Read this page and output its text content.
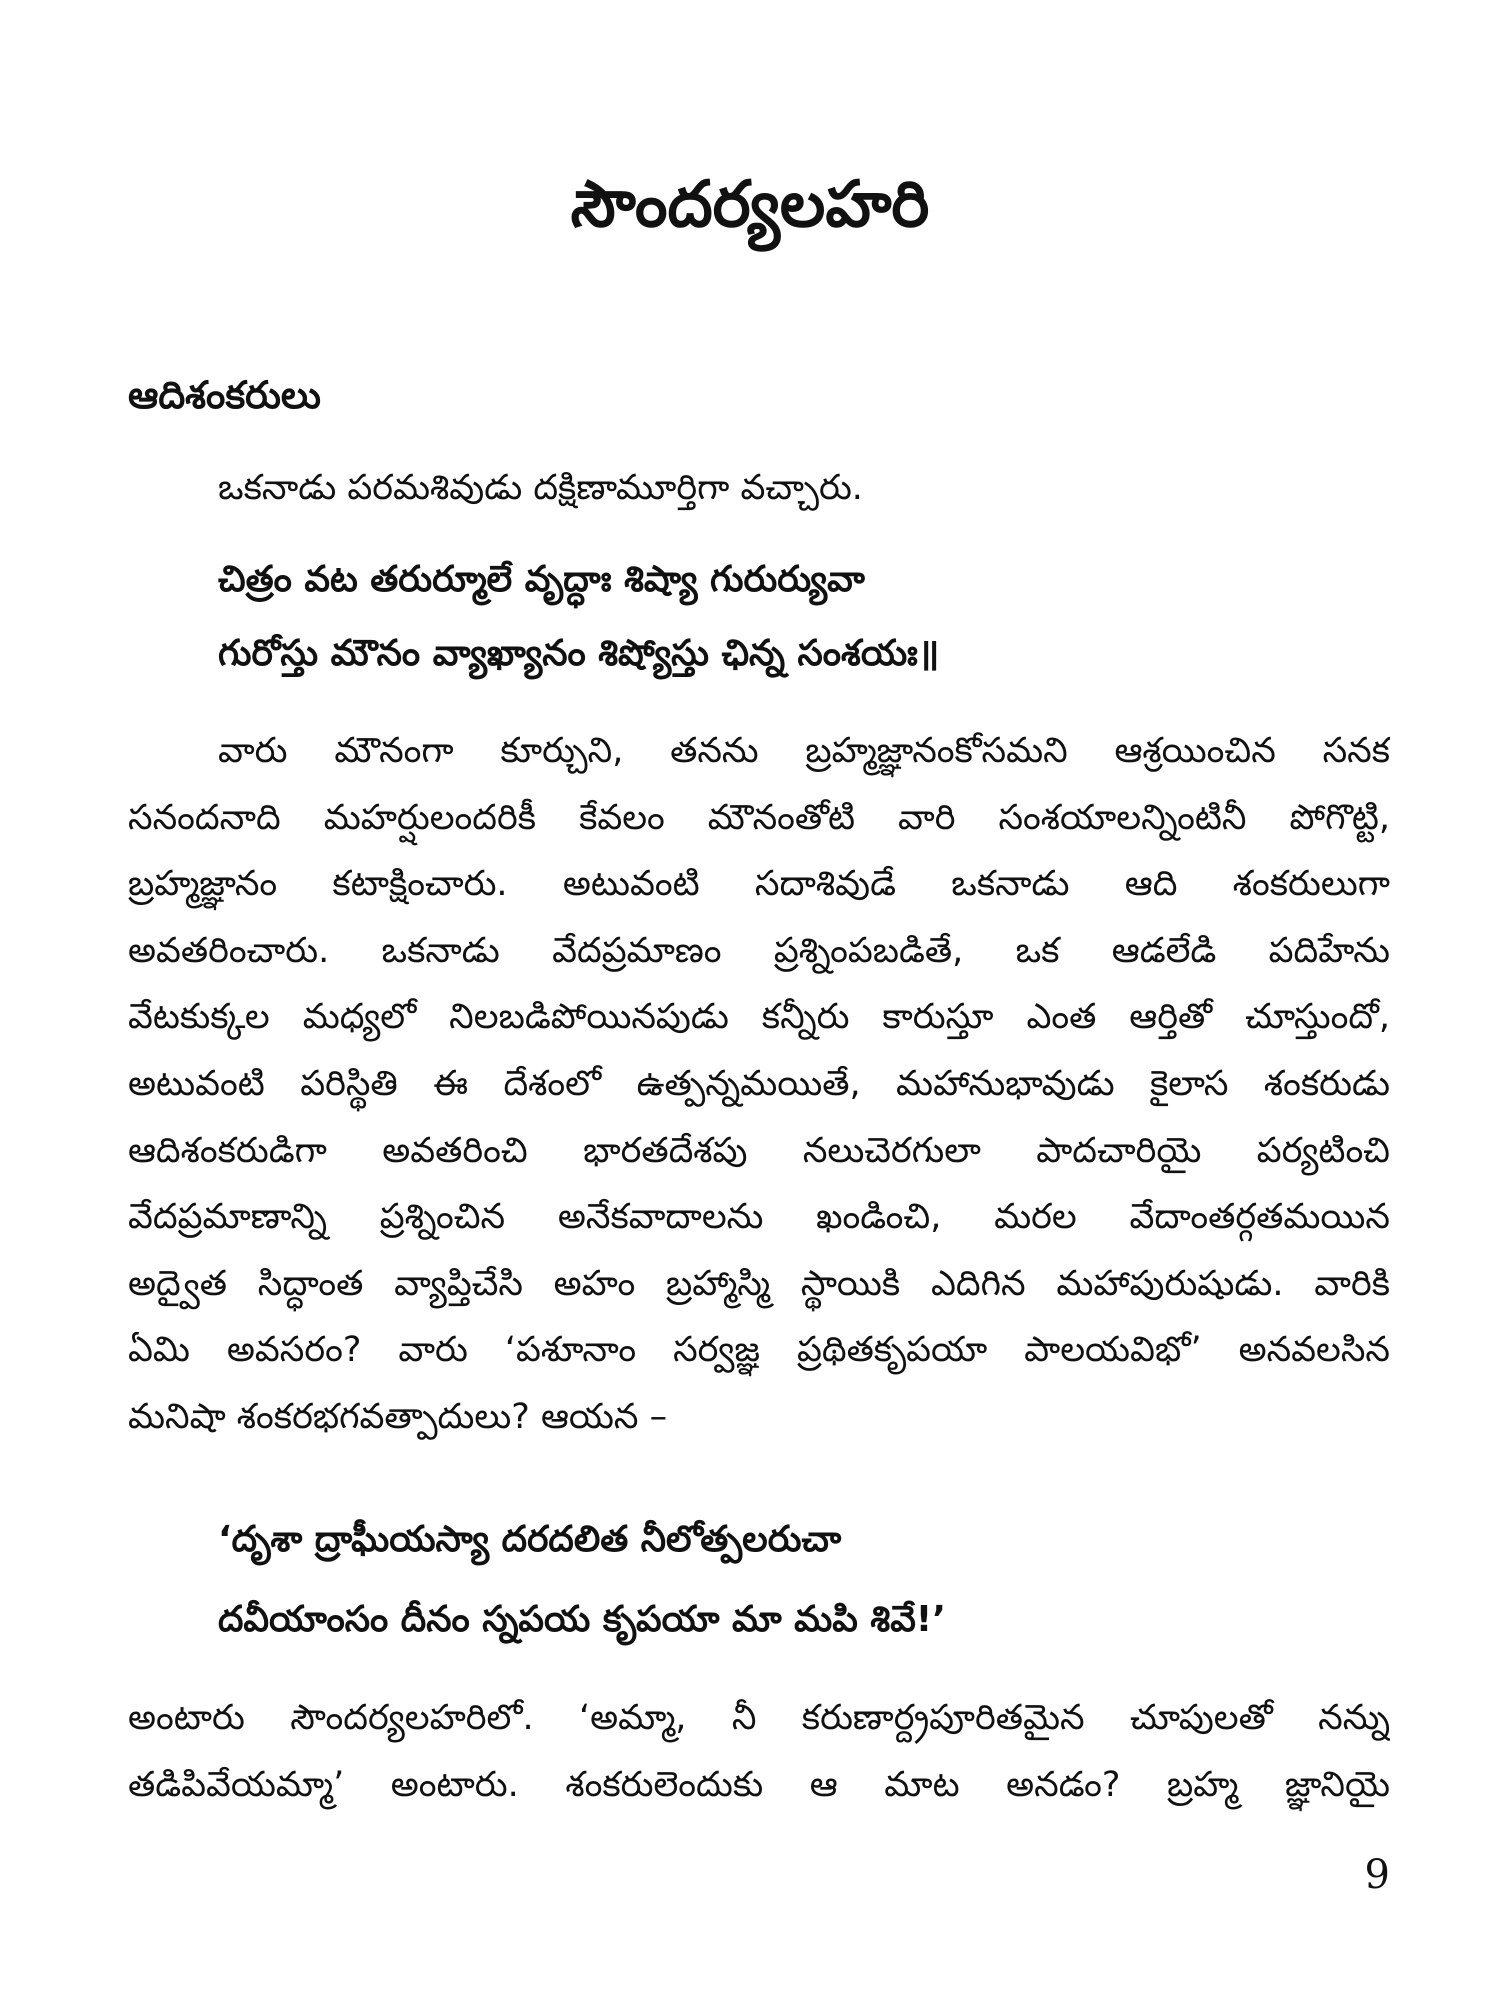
సౌందర్యలహరి
ఆదిశంకరులు
ఒకనాడు పరమశివుడు దక్షిణామూర్తిగా వచ్చారు.
చిత్రం వట తరుర్మూలే వృద్ధాః శిష్యా గురుర్యువా
గురోస్తు మౌనం వ్యాఖ్యానం శిష్యోస్తు ఛిన్న సంశయః॥
వారు మౌనంగా కూర్చుని, తనను బ్రహ్మజ్ఞానంకోసమని ఆశ్రయించిన సనక
సనందనాది మహర్షులందరికీ కేవలం మౌనంతోటి వారి సంశయాలన్నింటినీ పోగొట్టి,
బ్రహ్మజ్ఞానం కటాక్షించారు. అటువంటి సదాశివుడే ఒకనాడు ఆది శంకరులుగా
అవతరించారు. ఒకనాడు వేదప్రమాణం ప్రశ్నింపబడితే, ఒక ఆడలేడి పదిహేను
వేటకుక్కల మధ్యలో నిలబడిపోయినపుడు కన్నీరు కారుస్తూ ఎంత ఆర్తితో చూస్తుందో,
అటువంటి పరిస్థితి ఈ దేశంలో ఉత్పన్నమయితే, మహానుభావుడు కైలాస శంకరుడు
ఆదిశంకరుడిగా అవతరించి భారతదేశపు నలుచెరగులా పాదచారియై పర్యటించి
వేదప్రమాణాన్ని ప్రశ్నించిన అనేకవాదాలను ఖండించి, మరల వేదాంతర్గతమయిన
అద్వైత సిద్ధాంత వ్యాప్తిచేసి అహం బ్రహ్మాస్మి స్థాయికి ఎదిగిన మహాపురుషుడు. వారికి
ఏమి అవసరం? వారు ‘పశూనాం సర్వజ్ఞ ప్రథితకృపయా పాలయవిభో’ అనవలసిన
మనిషా శంకరభగవత్పాదులు? ఆయన –
‘దృశా ద్రాఘీయస్యా దరదలిత నీలోత్పలరుచా
దవీయాంసం దీనం స్నపయ కృపయా మా మపి శివే!’
అంటారు సౌందర్యలహరిలో. ‘అమ్మా, నీ కరుణార్ద్రపూరితమైన చూపులతో నన్ను
తడిపివేయమ్మా’ అంటారు. శంకరులెందుకు ఆ మాట అనడం? బ్రహ్మ జ్ఞానియై
9
